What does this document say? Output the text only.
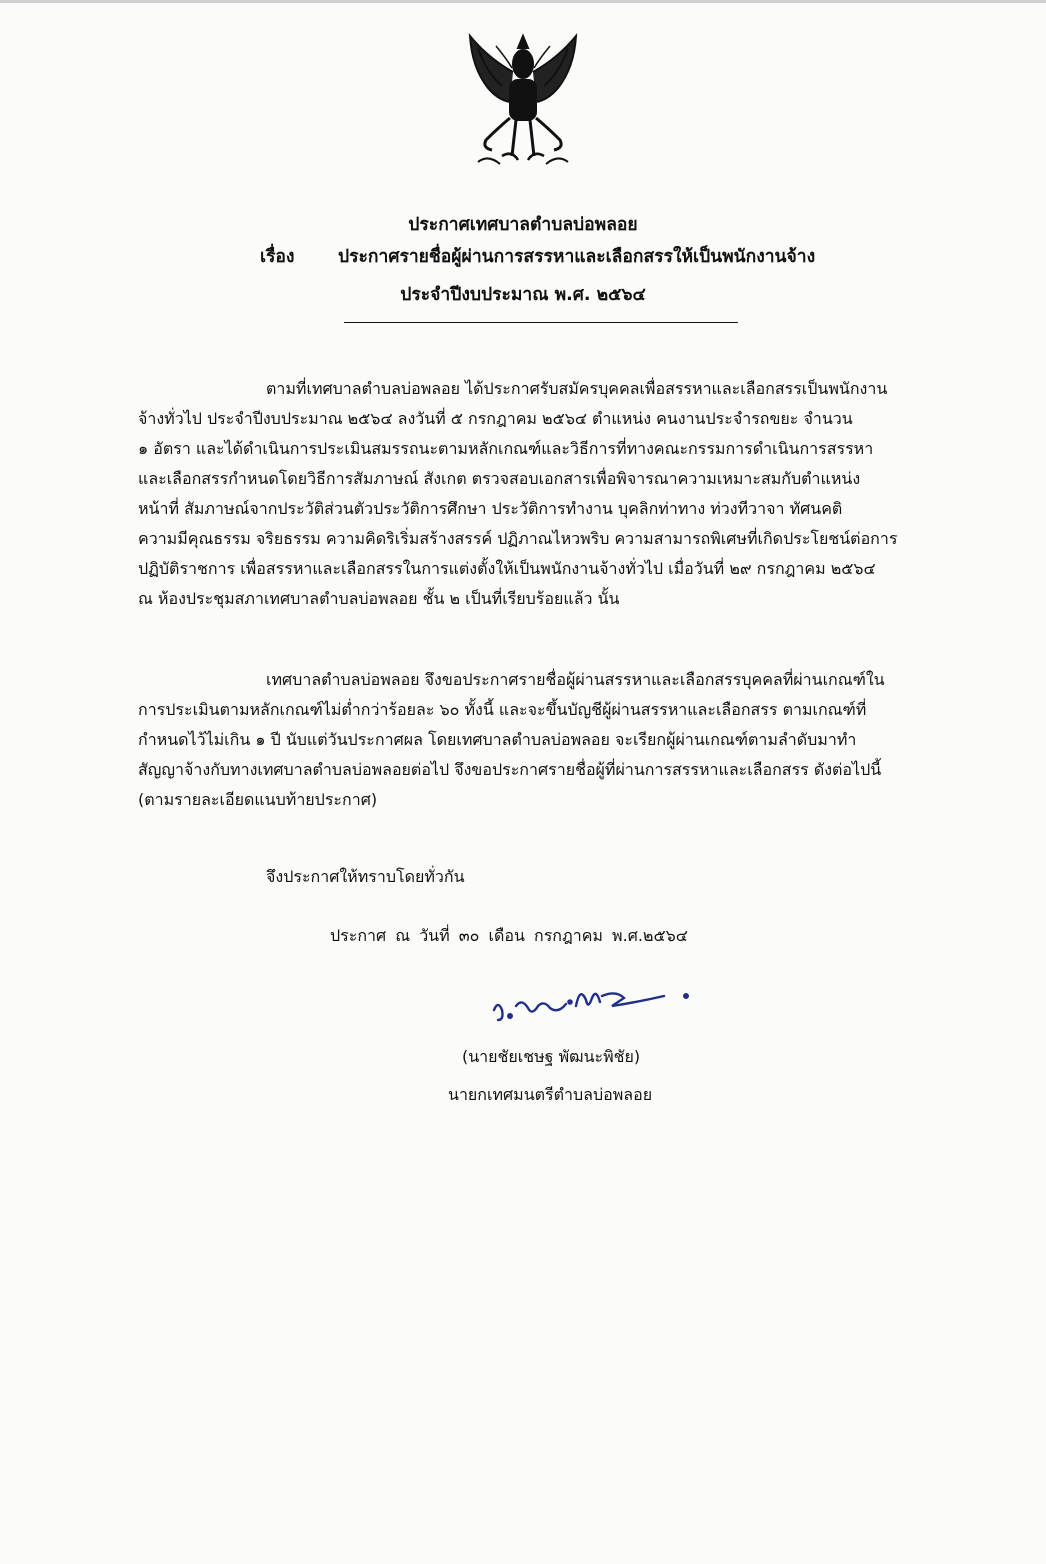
ประกาศเทศบาลตำบลบ่อพลอย
เรื่อง ประกาศรายชื่อผู้ผ่านการสรรหาและเลือกสรรให้เป็นพนักงานจ้าง
ประจำปีงบประมาณ พ.ศ. ๒๕๖๔
ตามที่เทศบาลตำบลบ่อพลอย ได้ประกาศรับสมัครบุคคลเพื่อสรรหาและเลือกสรรเป็นพนักงาน
จ้างทั่วไป ประจำปีงบประมาณ ๒๕๖๔ ลงวันที่ ๕ กรกฎาคม ๒๕๖๔ ตำแหน่ง คนงานประจำรถขยะ จำนวน
๑ อัตรา และได้ดำเนินการประเมินสมรรถนะตามหลักเกณฑ์และวิธีการที่ทางคณะกรรมการดำเนินการสรรหา
และเลือกสรรกำหนดโดยวิธีการสัมภาษณ์ สังเกต ตรวจสอบเอกสารเพื่อพิจารณาความเหมาะสมกับตำแหน่ง
หน้าที่ สัมภาษณ์จากประวัติส่วนตัวประวัติการศึกษา ประวัติการทำงาน บุคลิกท่าทาง ท่วงทีวาจา ทัศนคติ
ความมีคุณธรรม จริยธรรม ความคิดริเริ่มสร้างสรรค์ ปฏิภาณไหวพริบ ความสามารถพิเศษที่เกิดประโยชน์ต่อการ
ปฏิบัติราชการ เพื่อสรรหาและเลือกสรรในการแต่งตั้งให้เป็นพนักงานจ้างทั่วไป เมื่อวันที่ ๒๙ กรกฎาคม ๒๕๖๔
ณ ห้องประชุมสภาเทศบาลตำบลบ่อพลอย ชั้น ๒ เป็นที่เรียบร้อยแล้ว นั้น
เทศบาลตำบลบ่อพลอย จึงขอประกาศรายชื่อผู้ผ่านสรรหาและเลือกสรรบุคคลที่ผ่านเกณฑ์ใน
การประเมินตามหลักเกณฑ์ไม่ต่ำกว่าร้อยละ ๖๐ ทั้งนี้ และจะขึ้นบัญชีผู้ผ่านสรรหาและเลือกสรร ตามเกณฑ์ที่
กำหนดไว้ไม่เกิน ๑ ปี นับแต่วันประกาศผล โดยเทศบาลตำบลบ่อพลอย จะเรียกผู้ผ่านเกณฑ์ตามลำดับมาทำ
สัญญาจ้างกับทางเทศบาลตำบลบ่อพลอยต่อไป จึงขอประกาศรายชื่อผู้ที่ผ่านการสรรหาและเลือกสรร ดังต่อไปนี้
(ตามรายละเอียดแนบท้ายประกาศ)
จึงประกาศให้ทราบโดยทั่วกัน
ประกาศ ณ วันที่ ๓๐ เดือน กรกฎาคม พ.ศ.๒๕๖๔
(นายชัยเชษฐ พัฒนะพิชัย)
นายกเทศมนตรีตำบลบ่อพลอย
